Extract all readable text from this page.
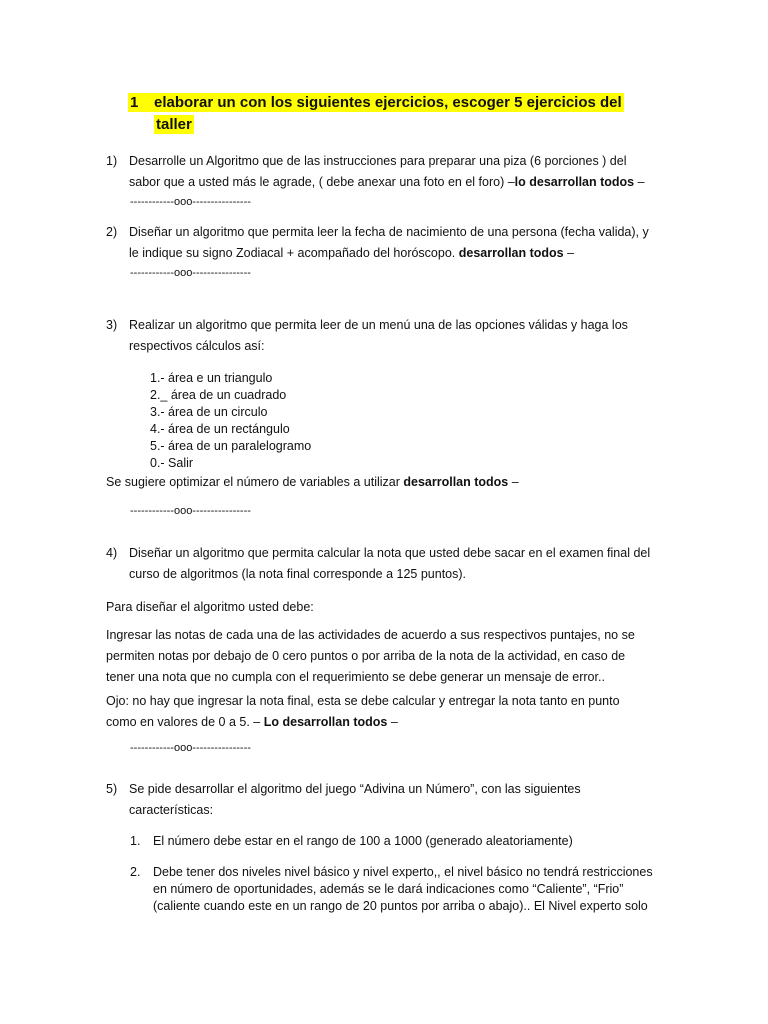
1 elaborar un con los siguientes ejercicios, escoger 5 ejercicios del
taller
1) Desarrolle un Algoritmo que de las instrucciones para preparar una piza (6 porciones ) del
sabor que a usted más le agrade, ( debe anexar una foto en el foro) –lo desarrollan todos –
------------ooo----------------
2) Diseñar un algoritmo que permita leer la fecha de nacimiento de una persona (fecha valida), y
le indique su signo Zodiacal + acompañado del horóscopo. desarrollan todos –
------------ooo----------------
3) Realizar un algoritmo que permita leer de un menú una de las opciones válidas y haga los
respectivos cálculos así:
1.- área e un triangulo
2._ área de un cuadrado
3.- área de un circulo
4.- área de un rectángulo
5.- área de un paralelogramo
0.- Salir
Se sugiere optimizar el número de variables a utilizar desarrollan todos –
------------ooo----------------
4) Diseñar un algoritmo que permita calcular la nota que usted debe sacar en el examen final del
curso de algoritmos (la nota final corresponde a 125 puntos).
Para diseñar el algoritmo usted debe:
Ingresar las notas de cada una de las actividades de acuerdo a sus respectivos puntajes, no se
permiten notas por debajo de 0 cero puntos o por arriba de la nota de la actividad, en caso de
tener una nota que no cumpla con el requerimiento se debe generar un mensaje de error..
Ojo: no hay que ingresar la nota final, esta se debe calcular y entregar la nota tanto en punto
como en valores de 0 a 5. – Lo desarrollan todos –
------------ooo----------------
5) Se pide desarrollar el algoritmo del juego “Adivina un Número”, con las siguientes
características:
1. El número debe estar en el rango de 100 a 1000 (generado aleatoriamente)
2. Debe tener dos niveles nivel básico y nivel experto,, el nivel básico no tendrá restricciones
en número de oportunidades, además se le dará indicaciones como “Caliente”, “Frio”
(caliente cuando este en un rango de 20 puntos por arriba o abajo).. El Nivel experto solo
